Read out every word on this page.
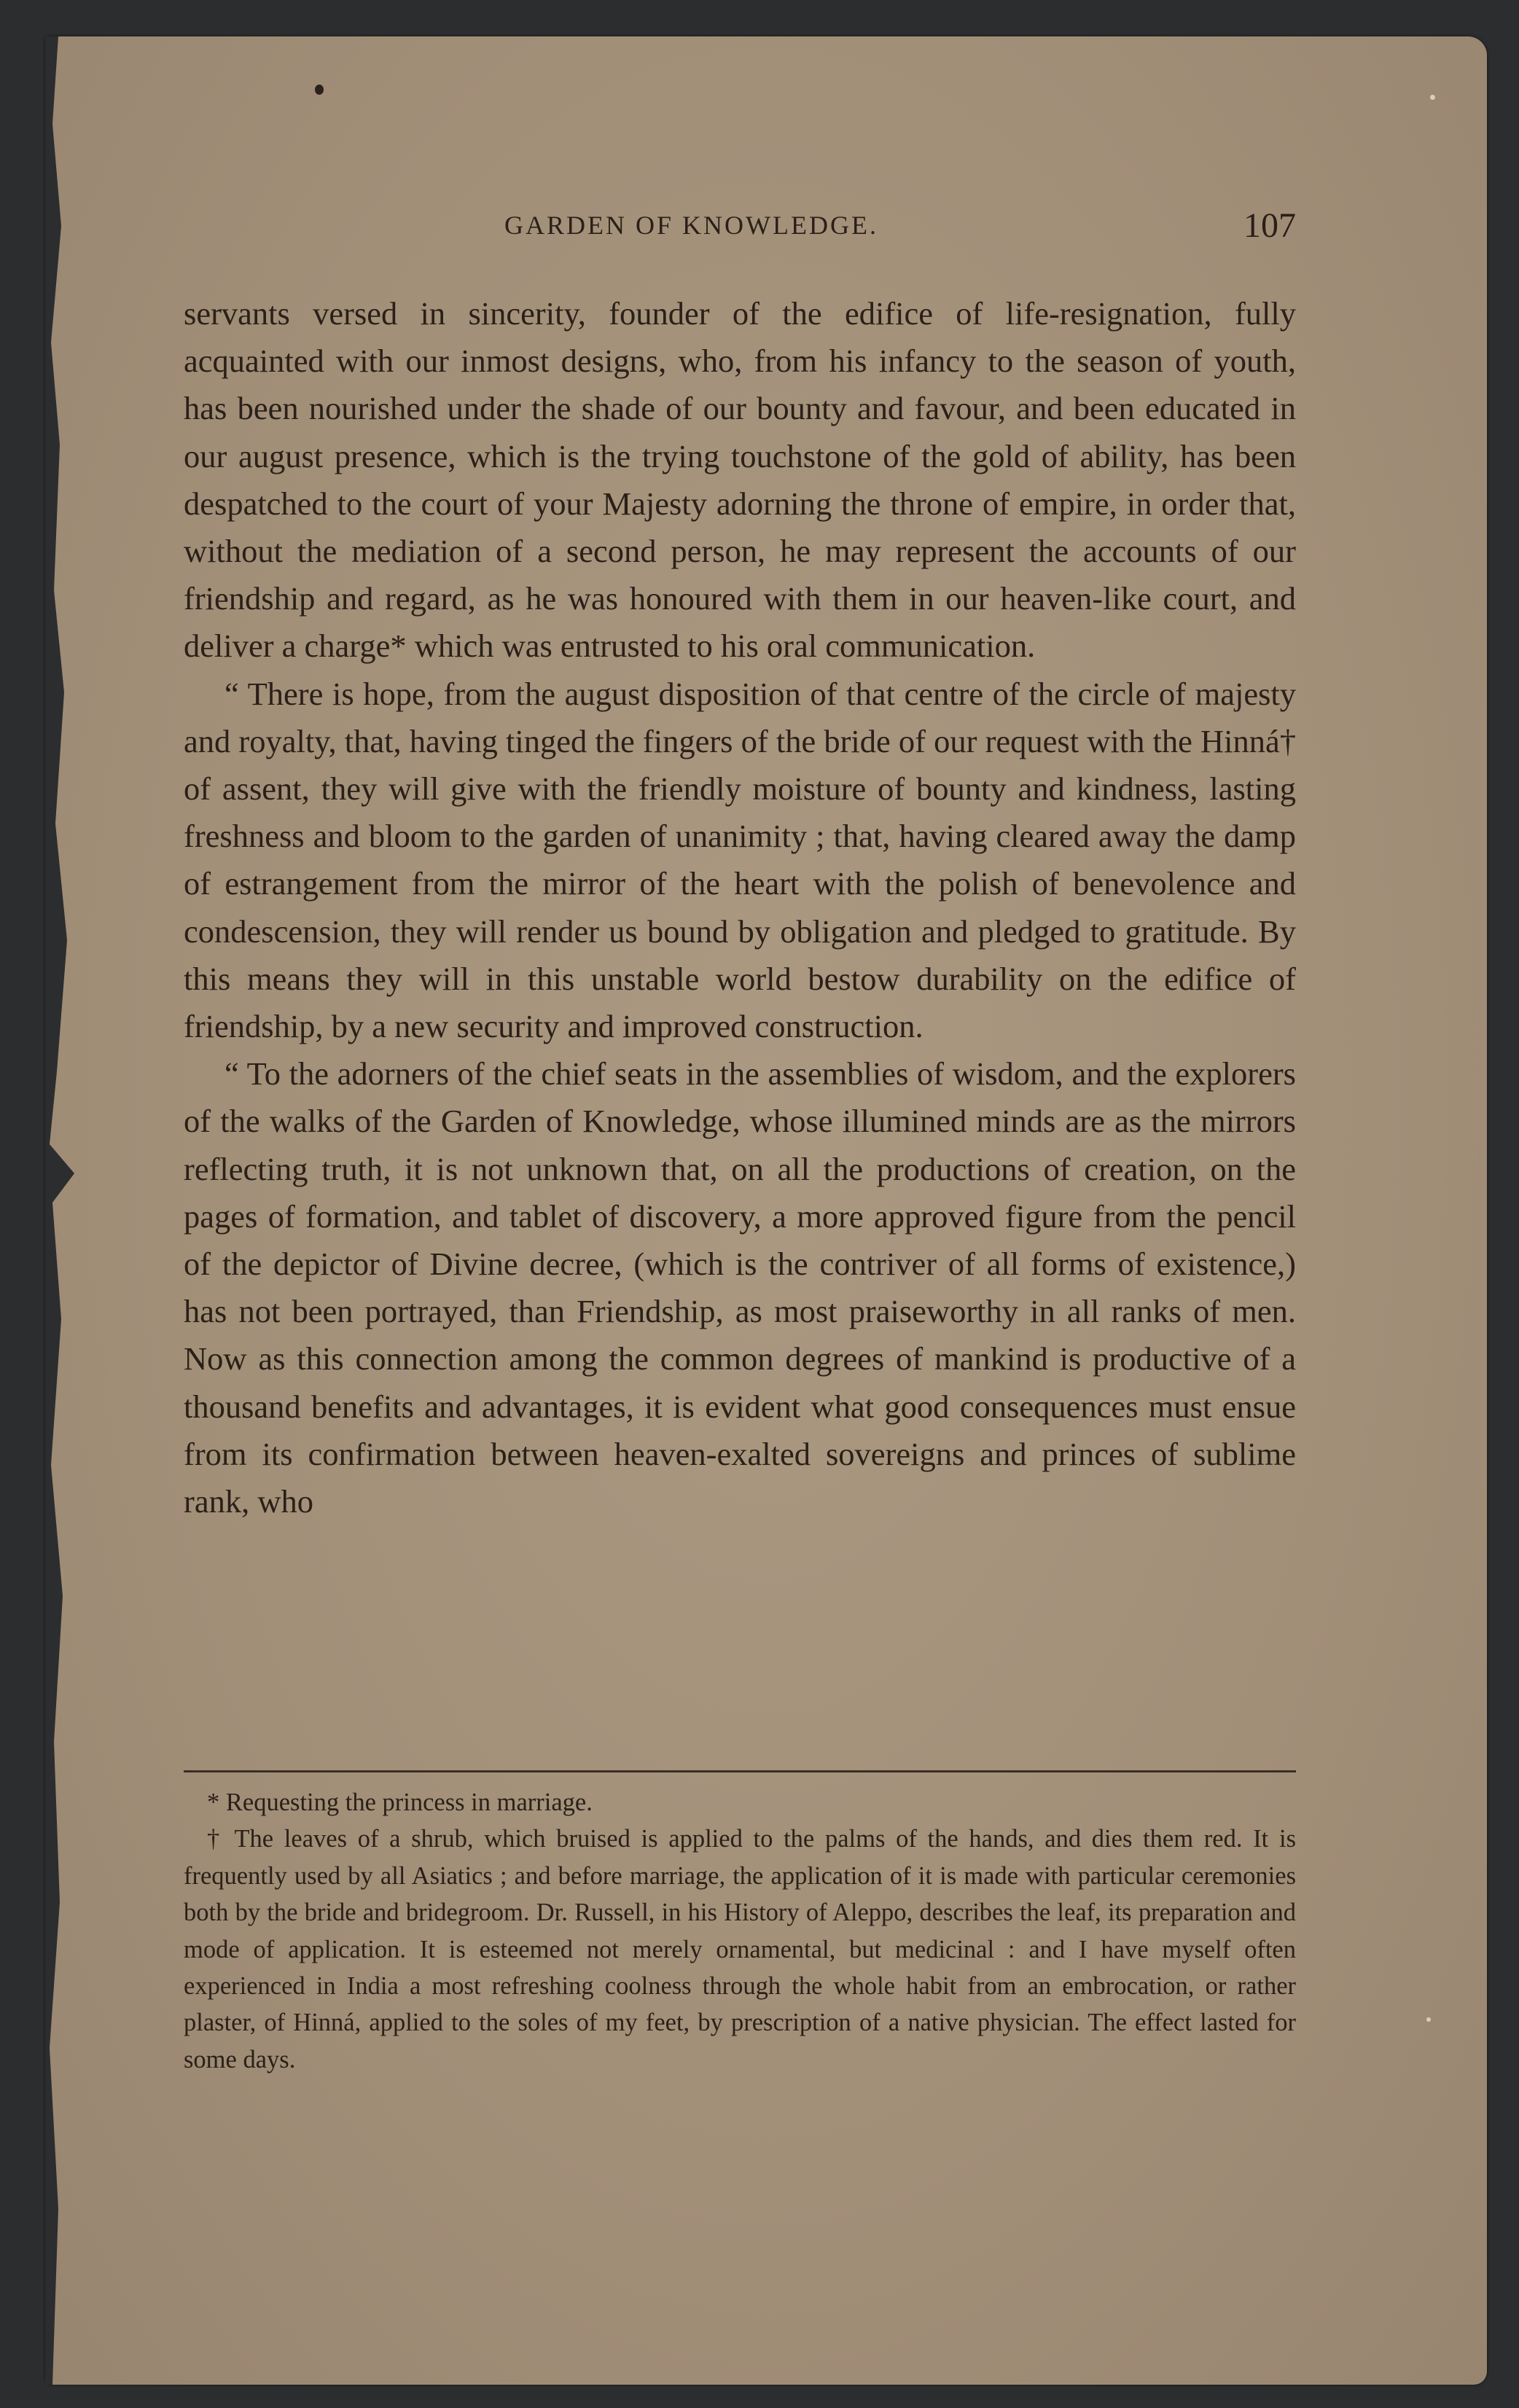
GARDEN OF KNOWLEDGE.	107

servants versed in sincerity, founder of the edifice of life-resignation, fully acquainted with our inmost designs, who, from his infancy to the season of youth, has been nourished under the shade of our bounty and favour, and been educated in our august presence, which is the trying touchstone of the gold of ability, has been despatched to the court of your Majesty adorning the throne of empire, in order that, without the mediation of a second person, he may represent the accounts of our friendship and regard, as he was honoured with them in our heaven-like court, and deliver a charge* which was entrusted to his oral communication.

“ There is hope, from the august disposition of that centre of the circle of majesty and royalty, that, having tinged the fingers of the bride of our request with the Hinná† of assent, they will give with the friendly moisture of bounty and kindness, lasting freshness and bloom to the garden of unanimity ; that, having cleared away the damp of estrangement from the mirror of the heart with the polish of benevolence and condescension, they will render us bound by obligation and pledged to gratitude. By this means they will in this unstable world bestow durability on the edifice of friendship, by a new security and improved construction.

“ To the adorners of the chief seats in the assemblies of wisdom, and the explorers of the walks of the Garden of Knowledge, whose illumined minds are as the mirrors reflecting truth, it is not unknown that, on all the productions of creation, on the pages of formation, and tablet of discovery, a more approved figure from the pencil of the depictor of Divine decree, (which is the contriver of all forms of existence,) has not been portrayed, than Friendship, as most praiseworthy in all ranks of men. Now as this connection among the common degrees of mankind is productive of a thousand benefits and advantages, it is evident what good consequences must ensue from its confirmation between heaven-exalted sovereigns and princes of sublime rank, who

* Requesting the princess in marriage.

† The leaves of a shrub, which bruised is applied to the palms of the hands, and dies them red. It is frequently used by all Asiatics ; and before marriage, the application of it is made with particular ceremonies both by the bride and bridegroom. Dr. Russell, in his History of Aleppo, describes the leaf, its preparation and mode of application. It is esteemed not merely ornamental, but medicinal : and I have myself often experienced in India a most refreshing coolness through the whole habit from an embrocation, or rather plaster, of Hinná, applied to the soles of my feet, by prescription of a native physician. The effect lasted for some days.
